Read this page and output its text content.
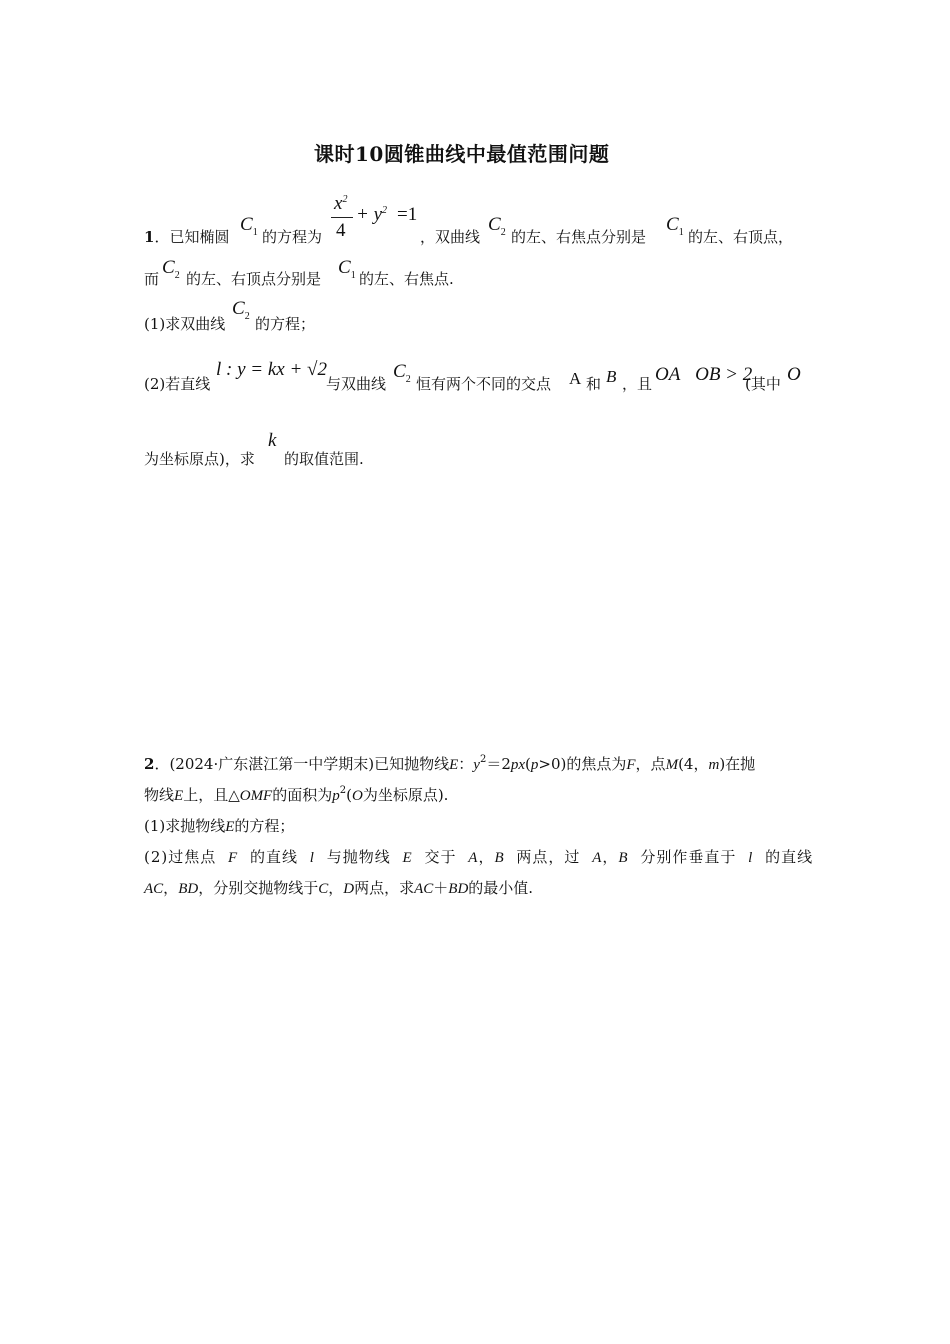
课时10圆锥曲线中最值范围问题
1．已知椭圆
$C_1$ 的方程为
$x^2$
4
+ $y^2 =1$
，双曲线
$C_2$ 的左、右焦点分别是
$C_1$ 的左、右顶点，
而
$C_2$ 的左、右顶点分别是
$C_1$ 的左、右焦点.
(1)求双曲线
$C_2$ 的方程；
(2)若直线
l : y = kx + √2
与双曲线
$C_2$ 恒有两个不同的交点 A 和 B ，且 OA⃗OB > 2
(其中 O
为坐标原点)，求
k
的取值范围.
2．(2024·广东湛江第一中学期末)已知抛物线E：$y^2=2px(p>0)$的焦点为F，点M(4，m)在抛
物线E上，且△OMF的面积为$p^2(O$为坐标原点).
(1)求抛物线E的方程；
(2)过焦点 F 的直线 l 与抛物线 E 交于 A，B 两点，过 A，B 分别作垂直于 l 的直线
AC，BD，分别交抛物线于C，D两点，求AC＋BD的最小值.
